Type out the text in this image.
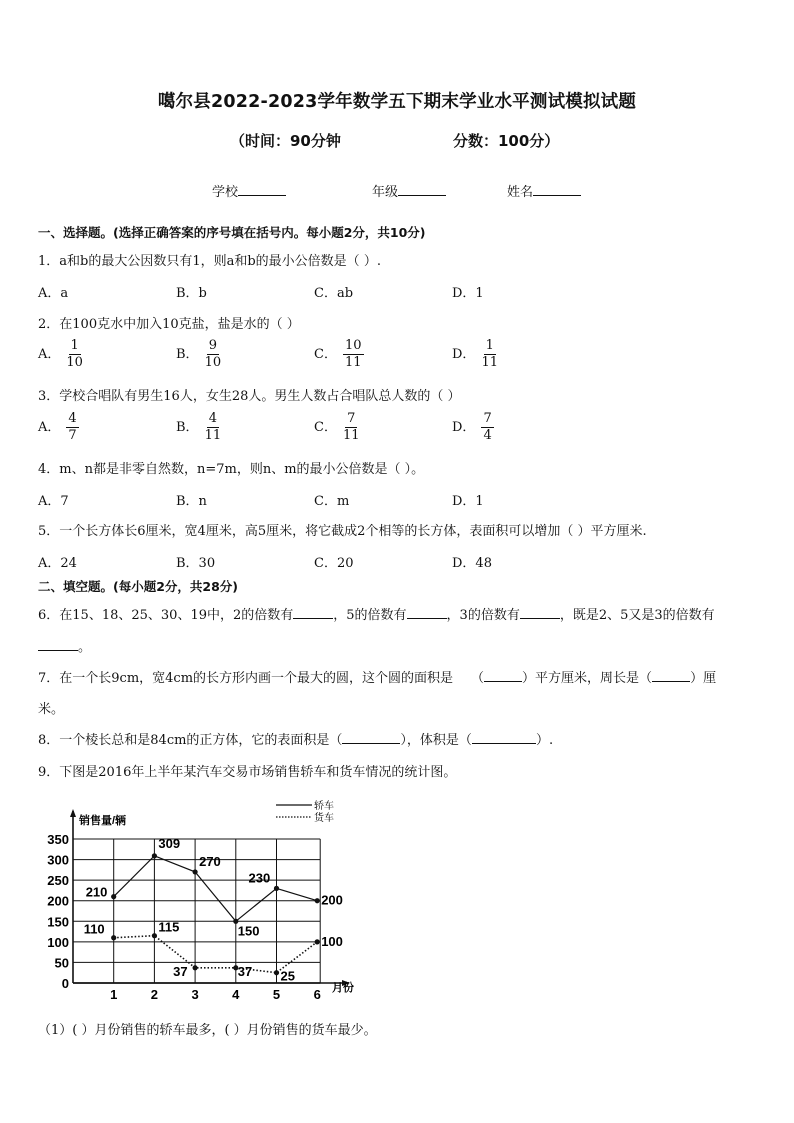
噶尔县2022-2023学年数学五下期末学业水平测试模拟试题
（时间：90分钟	分数：100分）
学校	年级	姓名
一、选择题。(选择正确答案的序号填在括号内。每小题2分，共10分)
1．a和b的最大公因数只有1，则a和b的最小公倍数是（ ）.
A．a	B．b	C．ab	D．1
2．在100克水中加入10克盐，盐是水的（ ）
A． $\frac{1}{10}$	B． $\frac{9}{10}$	C． $\frac{10}{11}$	D． $\frac{1}{11}$
3．学校合唱队有男生16人，女生28人。男生人数占合唱队总人数的（ ）
A． $\frac{4}{7}$	B． $\frac{4}{11}$	C． $\frac{7}{11}$	D． $\frac{7}{4}$
4．m、n都是非零自然数，n=7m，则n、m的最小公倍数是（ ）。
A．7	B．n	C．m	D．1
5．一个长方体长6厘米，宽4厘米，高5厘米，将它截成2个相等的长方体，表面积可以增加（ ）平方厘米.
A．24	B．30	C．20	D．48
二、填空题。(每小题2分，共28分)
6．在15、18、25、30、19中，2的倍数有	，5的倍数有	，3的倍数有	，既是2、5又是3的倍数有
。
7．在一个长9cm，宽4cm的长方形内画一个最大的圆，这个圆的面积是 （	）平方厘米，周长是（	）厘
米。
8．一个棱长总和是84cm的正方体，它的表面积是（	），体积是（	）.
9．下图是2016年上半年某汽车交易市场销售轿车和货车情况的统计图。
销售量/辆
月份
350
300
250
200
150
100
50
0
1	2	3	4	5	6
轿车
货车
210
309
270
150
230
200
110	115
37	37 25
100
（1）( ）月份销售的轿车最多，( ）月份销售的货车最少。
